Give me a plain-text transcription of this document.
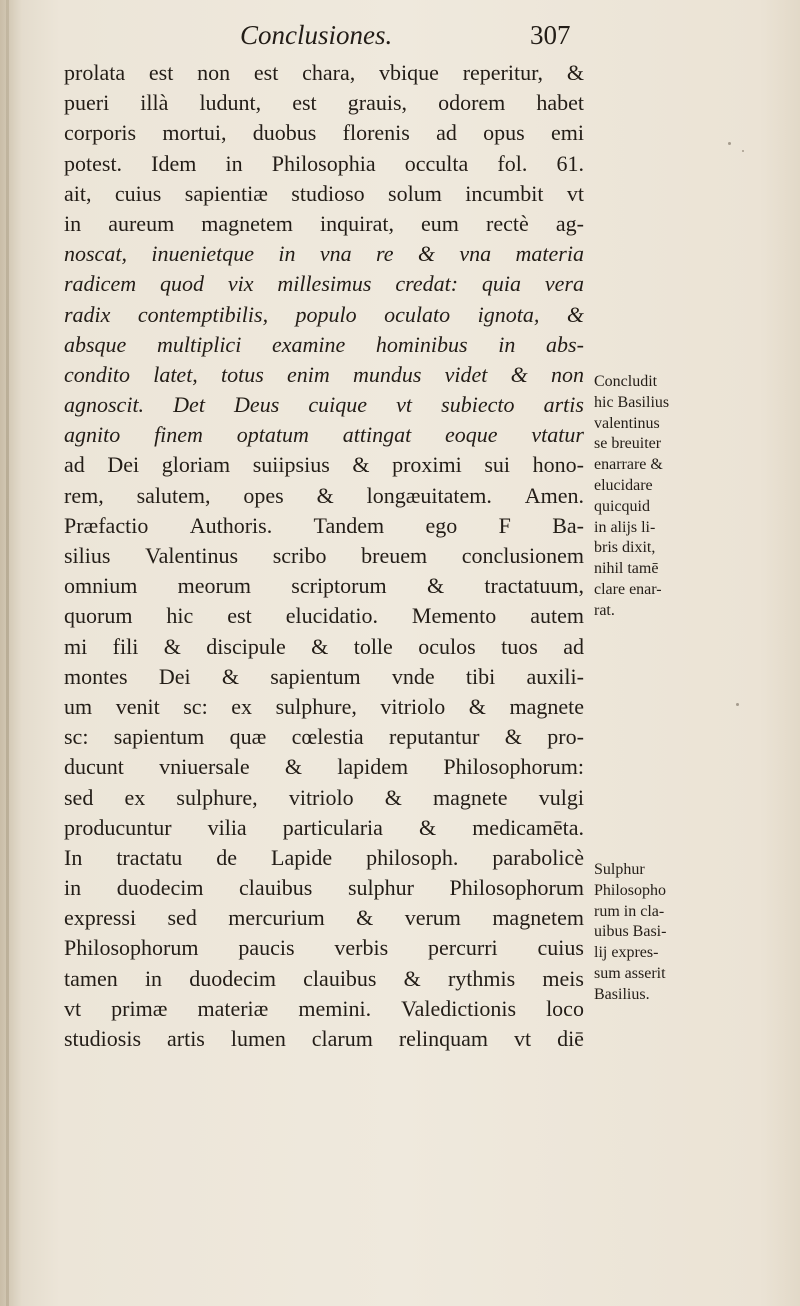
Conclusiones.	307
prolata est non est chara, vbique reperitur, &
pueri illà ludunt, est grauis, odorem habet
corporis mortui, duobus florenis ad opus emi
potest. Idem in Philosophia occulta fol. 61.
ait, cuius sapientiæ studioso solum incumbit vt
in aureum magnetem inquirat, eum rectè ag-
noscat, inuenietque in vna re & vna materia
radicem quod vix millesimus credat: quia vera
radix contemptibilis, populo oculato ignota, &
absque multiplici examine hominibus in abs-
condito latet, totus enim mundus videt & non
agnoscit. Det Deus cuique vt subiecto artis
agnito finem optatum attingat eoque vtatur
ad Dei gloriam suiipsius & proximi sui hono-
rem, salutem, opes & longæuitatem. Amen.
Præfactio Authoris. Tandem ego F Ba-
silius Valentinus scribo breuem conclusionem
omnium meorum scriptorum & tractatuum,
quorum hic est elucidatio. Memento autem
mi fili & discipule & tolle oculos tuos ad
montes Dei & sapientum vnde tibi auxili-
um venit sc: ex sulphure, vitriolo & magnete
sc: sapientum quæ cœlestia reputantur & pro-
ducunt vniuersale & lapidem Philosophorum:
sed ex sulphure, vitriolo & magnete vulgi
producuntur vilia particularia & medicamēta.
In tractatu de Lapide philosoph. parabolicè
in duodecim clauibus sulphur Philosophorum
expressi sed mercurium & verum magnetem
Philosophorum paucis verbis percurri cuius
tamen in duodecim clauibus & rythmis meis
vt primæ materiæ memini. Valedictionis loco
studiosis artis lumen clarum relinquam vt diē
Concludit
hic Basilius
valentinus
se breuiter
enarrare &
elucidare
quicquid
in alijs li-
bris dixit,
nihil tamē
clare enar-
rat.
Sulphur
Philosopho
rum in cla-
uibus Basi-
lij expres-
sum asserit
Basilius.
